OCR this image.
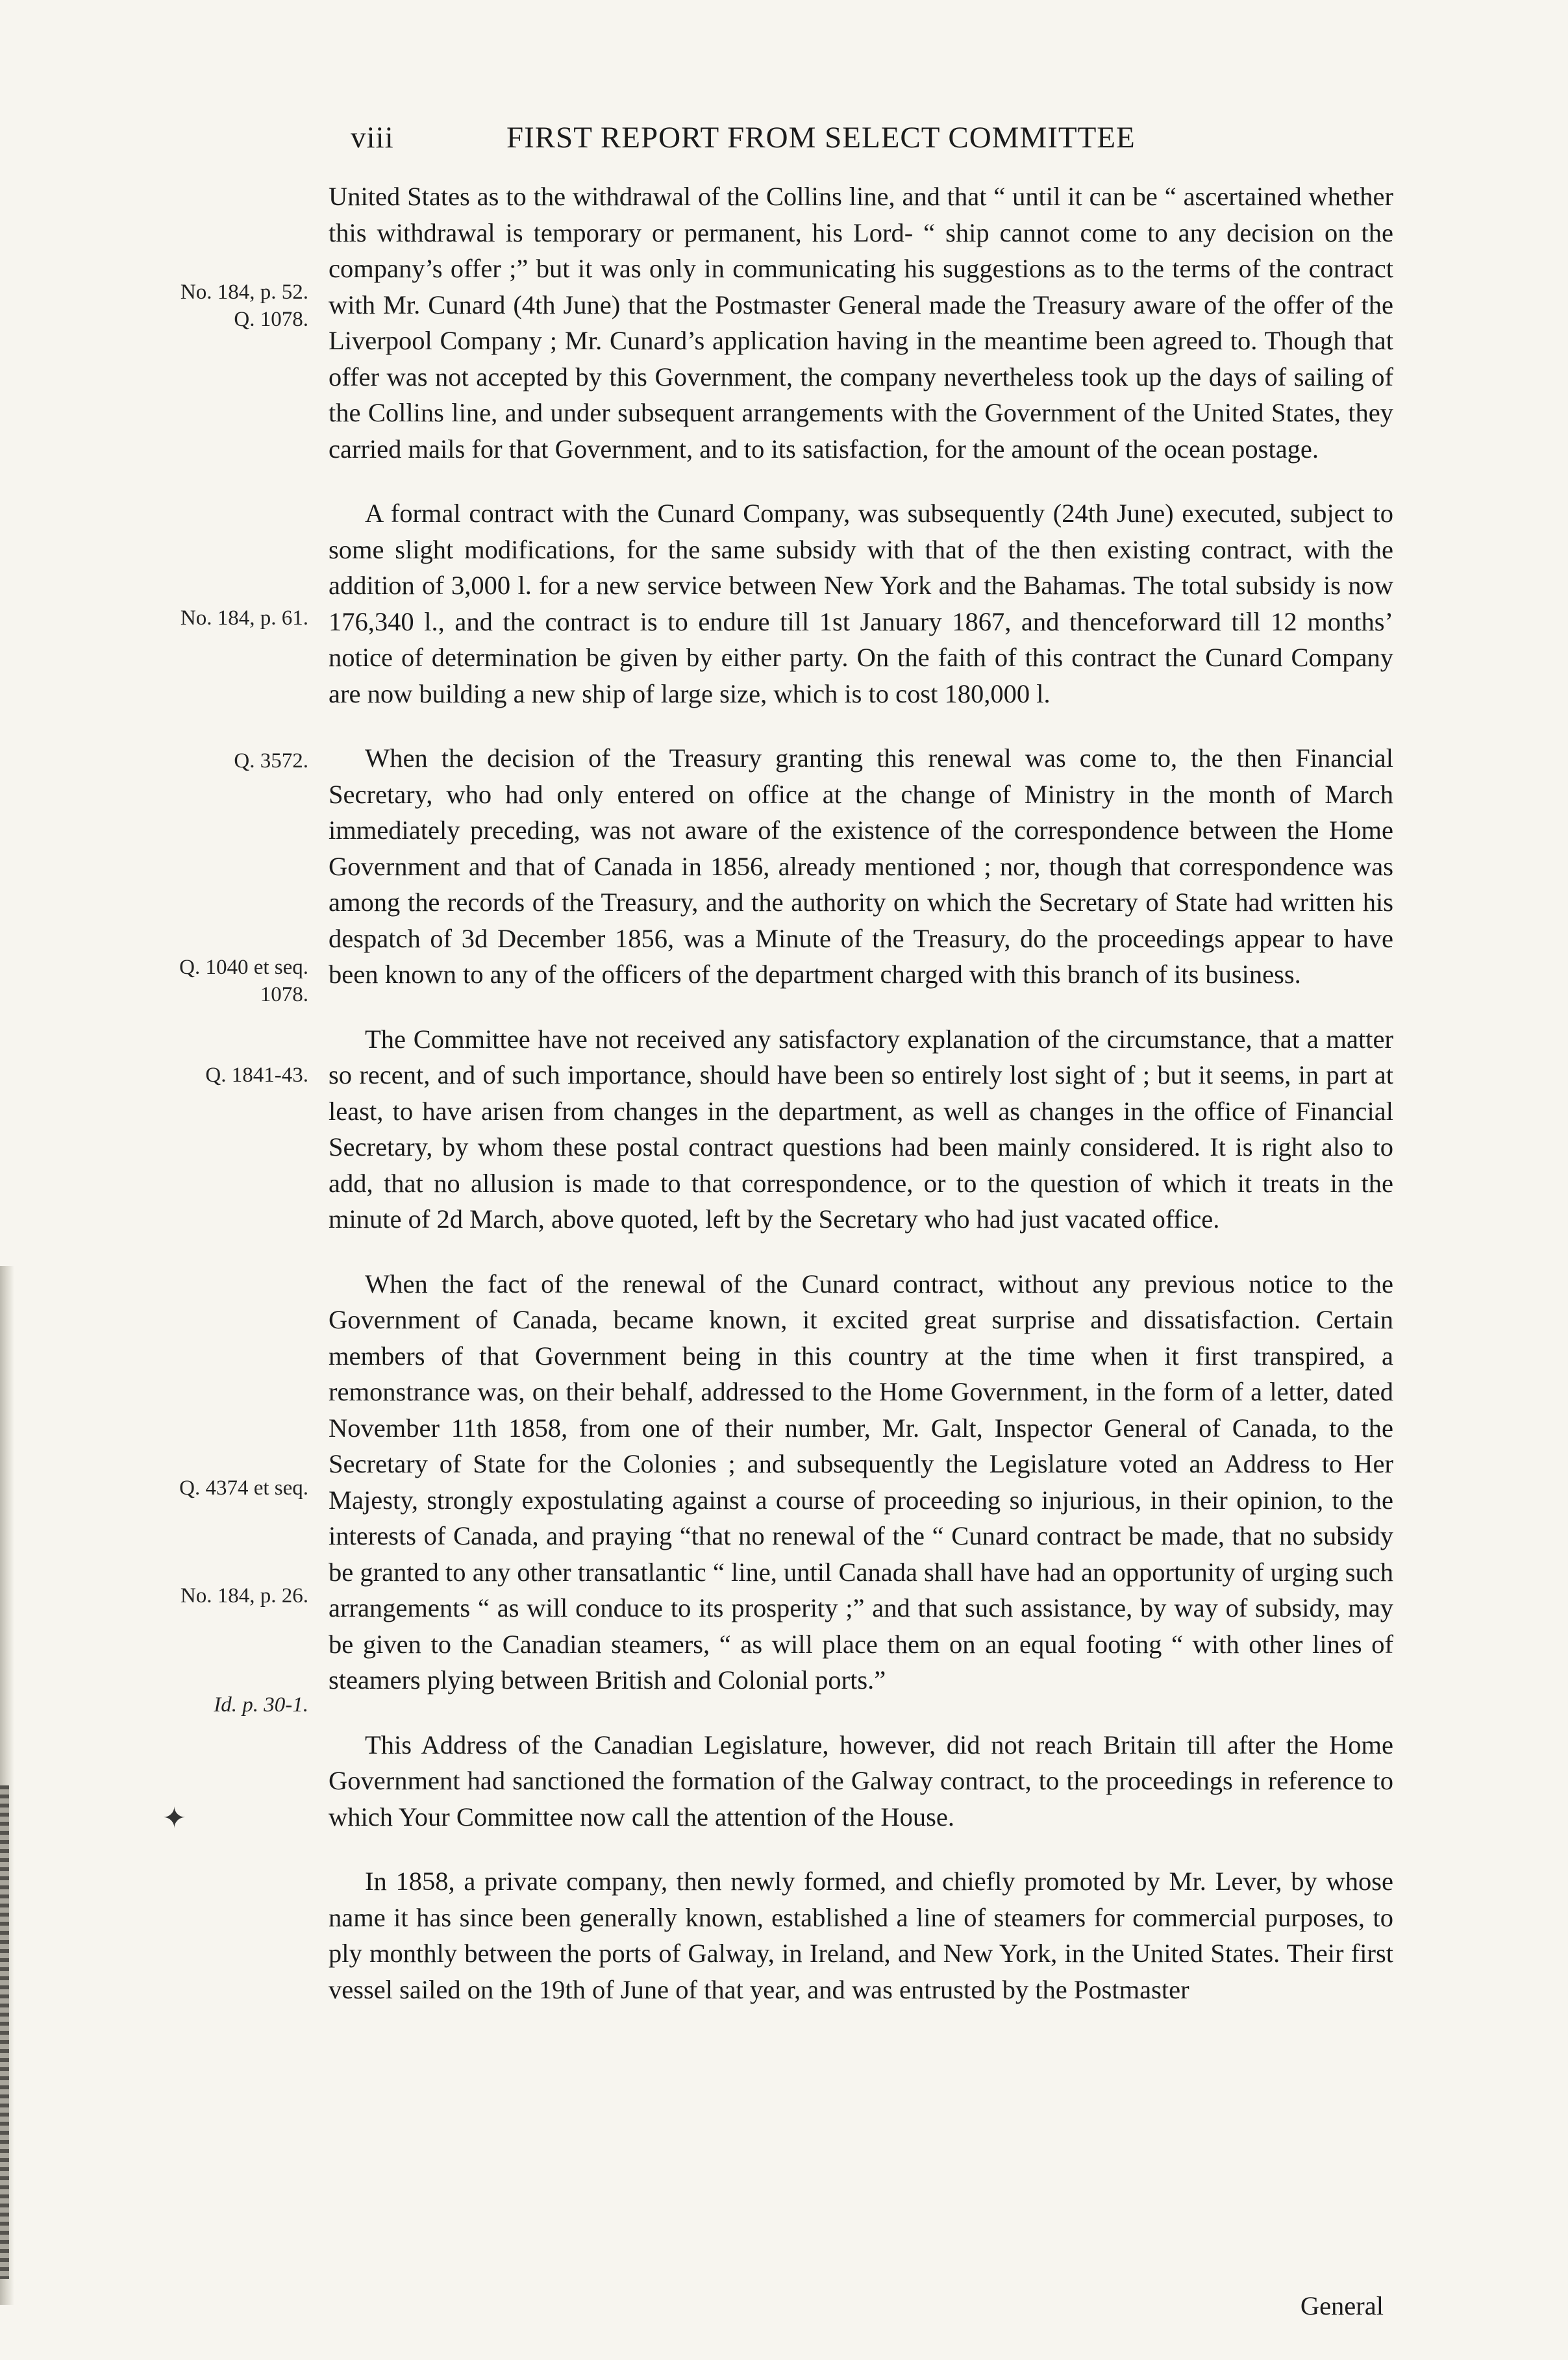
viii	FIRST REPORT FROM SELECT COMMITTEE
No. 184, p. 52.
Q. 1078.
No. 184, p. 61.
Q. 3572.
Q. 1040 et seq.
1078.
Q. 1841-43.
Q. 4374 et seq.
No. 184, p. 26.
Id. p. 30-1.
✦

United States as to the withdrawal of the Collins line, and that “ until it can be “ ascertained whether this withdrawal is temporary or permanent, his Lord- “ ship cannot come to any decision on the company’s offer ;” but it was only in communicating his suggestions as to the terms of the contract with Mr. Cunard (4th June) that the Postmaster General made the Treasury aware of the offer of the Liverpool Company ; Mr. Cunard’s application having in the meantime been agreed to. Though that offer was not accepted by this Government, the company nevertheless took up the days of sailing of the Collins line, and under subsequent arrangements with the Government of the United States, they carried mails for that Government, and to its satisfaction, for the amount of the ocean postage.

A formal contract with the Cunard Company, was subsequently (24th June) executed, subject to some slight modifications, for the same subsidy with that of the then existing contract, with the addition of 3,000 l. for a new service between New York and the Bahamas. The total subsidy is now 176,340 l., and the contract is to endure till 1st January 1867, and thenceforward till 12 months’ notice of determination be given by either party. On the faith of this contract the Cunard Company are now building a new ship of large size, which is to cost 180,000 l.

When the decision of the Treasury granting this renewal was come to, the then Financial Secretary, who had only entered on office at the change of Ministry in the month of March immediately preceding, was not aware of the existence of the correspondence between the Home Government and that of Canada in 1856, already mentioned ; nor, though that correspondence was among the records of the Treasury, and the authority on which the Secretary of State had written his despatch of 3d December 1856, was a Minute of the Treasury, do the proceedings appear to have been known to any of the officers of the department charged with this branch of its business.

The Committee have not received any satisfactory explanation of the circumstance, that a matter so recent, and of such importance, should have been so entirely lost sight of ; but it seems, in part at least, to have arisen from changes in the department, as well as changes in the office of Financial Secretary, by whom these postal contract questions had been mainly considered. It is right also to add, that no allusion is made to that correspondence, or to the question of which it treats in the minute of 2d March, above quoted, left by the Secretary who had just vacated office.

When the fact of the renewal of the Cunard contract, without any previous notice to the Government of Canada, became known, it excited great surprise and dissatisfaction. Certain members of that Government being in this country at the time when it first transpired, a remonstrance was, on their behalf, addressed to the Home Government, in the form of a letter, dated November 11th 1858, from one of their number, Mr. Galt, Inspector General of Canada, to the Secretary of State for the Colonies ; and subsequently the Legislature voted an Address to Her Majesty, strongly expostulating against a course of proceeding so injurious, in their opinion, to the interests of Canada, and praying “that no renewal of the “ Cunard contract be made, that no subsidy be granted to any other transatlantic “ line, until Canada shall have had an opportunity of urging such arrangements “ as will conduce to its prosperity ;” and that such assistance, by way of subsidy, may be given to the Canadian steamers, “ as will place them on an equal footing “ with other lines of steamers plying between British and Colonial ports.”

This Address of the Canadian Legislature, however, did not reach Britain till after the Home Government had sanctioned the formation of the Galway contract, to the proceedings in reference to which Your Committee now call the attention of the House.

In 1858, a private company, then newly formed, and chiefly promoted by Mr. Lever, by whose name it has since been generally known, established a line of steamers for commercial purposes, to ply monthly between the ports of Galway, in Ireland, and New York, in the United States. Their first vessel sailed on the 19th of June of that year, and was entrusted by the Postmaster

General
